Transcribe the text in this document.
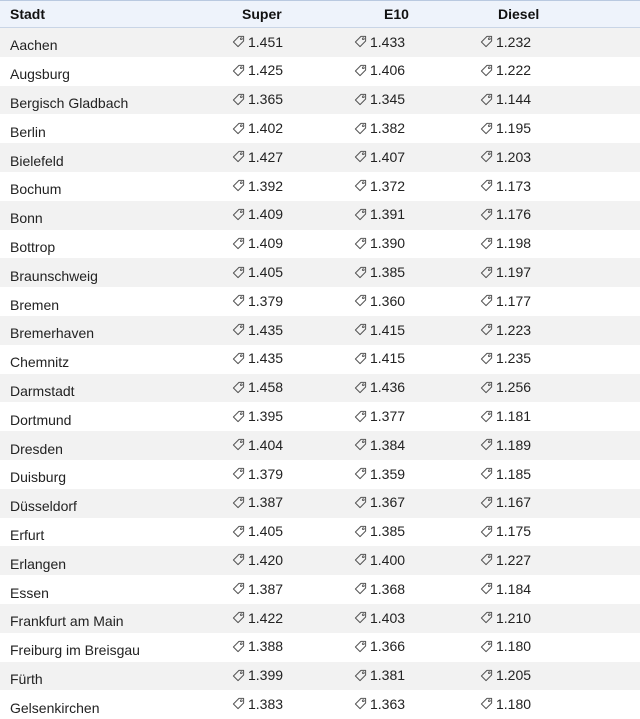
Stadt	Super	E10	Diesel
Aachen	1.451	1.433	1.232
Augsburg	1.425	1.406	1.222
Bergisch Gladbach	1.365	1.345	1.144
Berlin	1.402	1.382	1.195
Bielefeld	1.427	1.407	1.203
Bochum	1.392	1.372	1.173
Bonn	1.409	1.391	1.176
Bottrop	1.409	1.390	1.198
Braunschweig	1.405	1.385	1.197
Bremen	1.379	1.360	1.177
Bremerhaven	1.435	1.415	1.223
Chemnitz	1.435	1.415	1.235
Darmstadt	1.458	1.436	1.256
Dortmund	1.395	1.377	1.181
Dresden	1.404	1.384	1.189
Duisburg	1.379	1.359	1.185
Düsseldorf	1.387	1.367	1.167
Erfurt	1.405	1.385	1.175
Erlangen	1.420	1.400	1.227
Essen	1.387	1.368	1.184
Frankfurt am Main	1.422	1.403	1.210
Freiburg im Breisgau	1.388	1.366	1.180
Fürth	1.399	1.381	1.205
Gelsenkirchen	1.383	1.363	1.180
